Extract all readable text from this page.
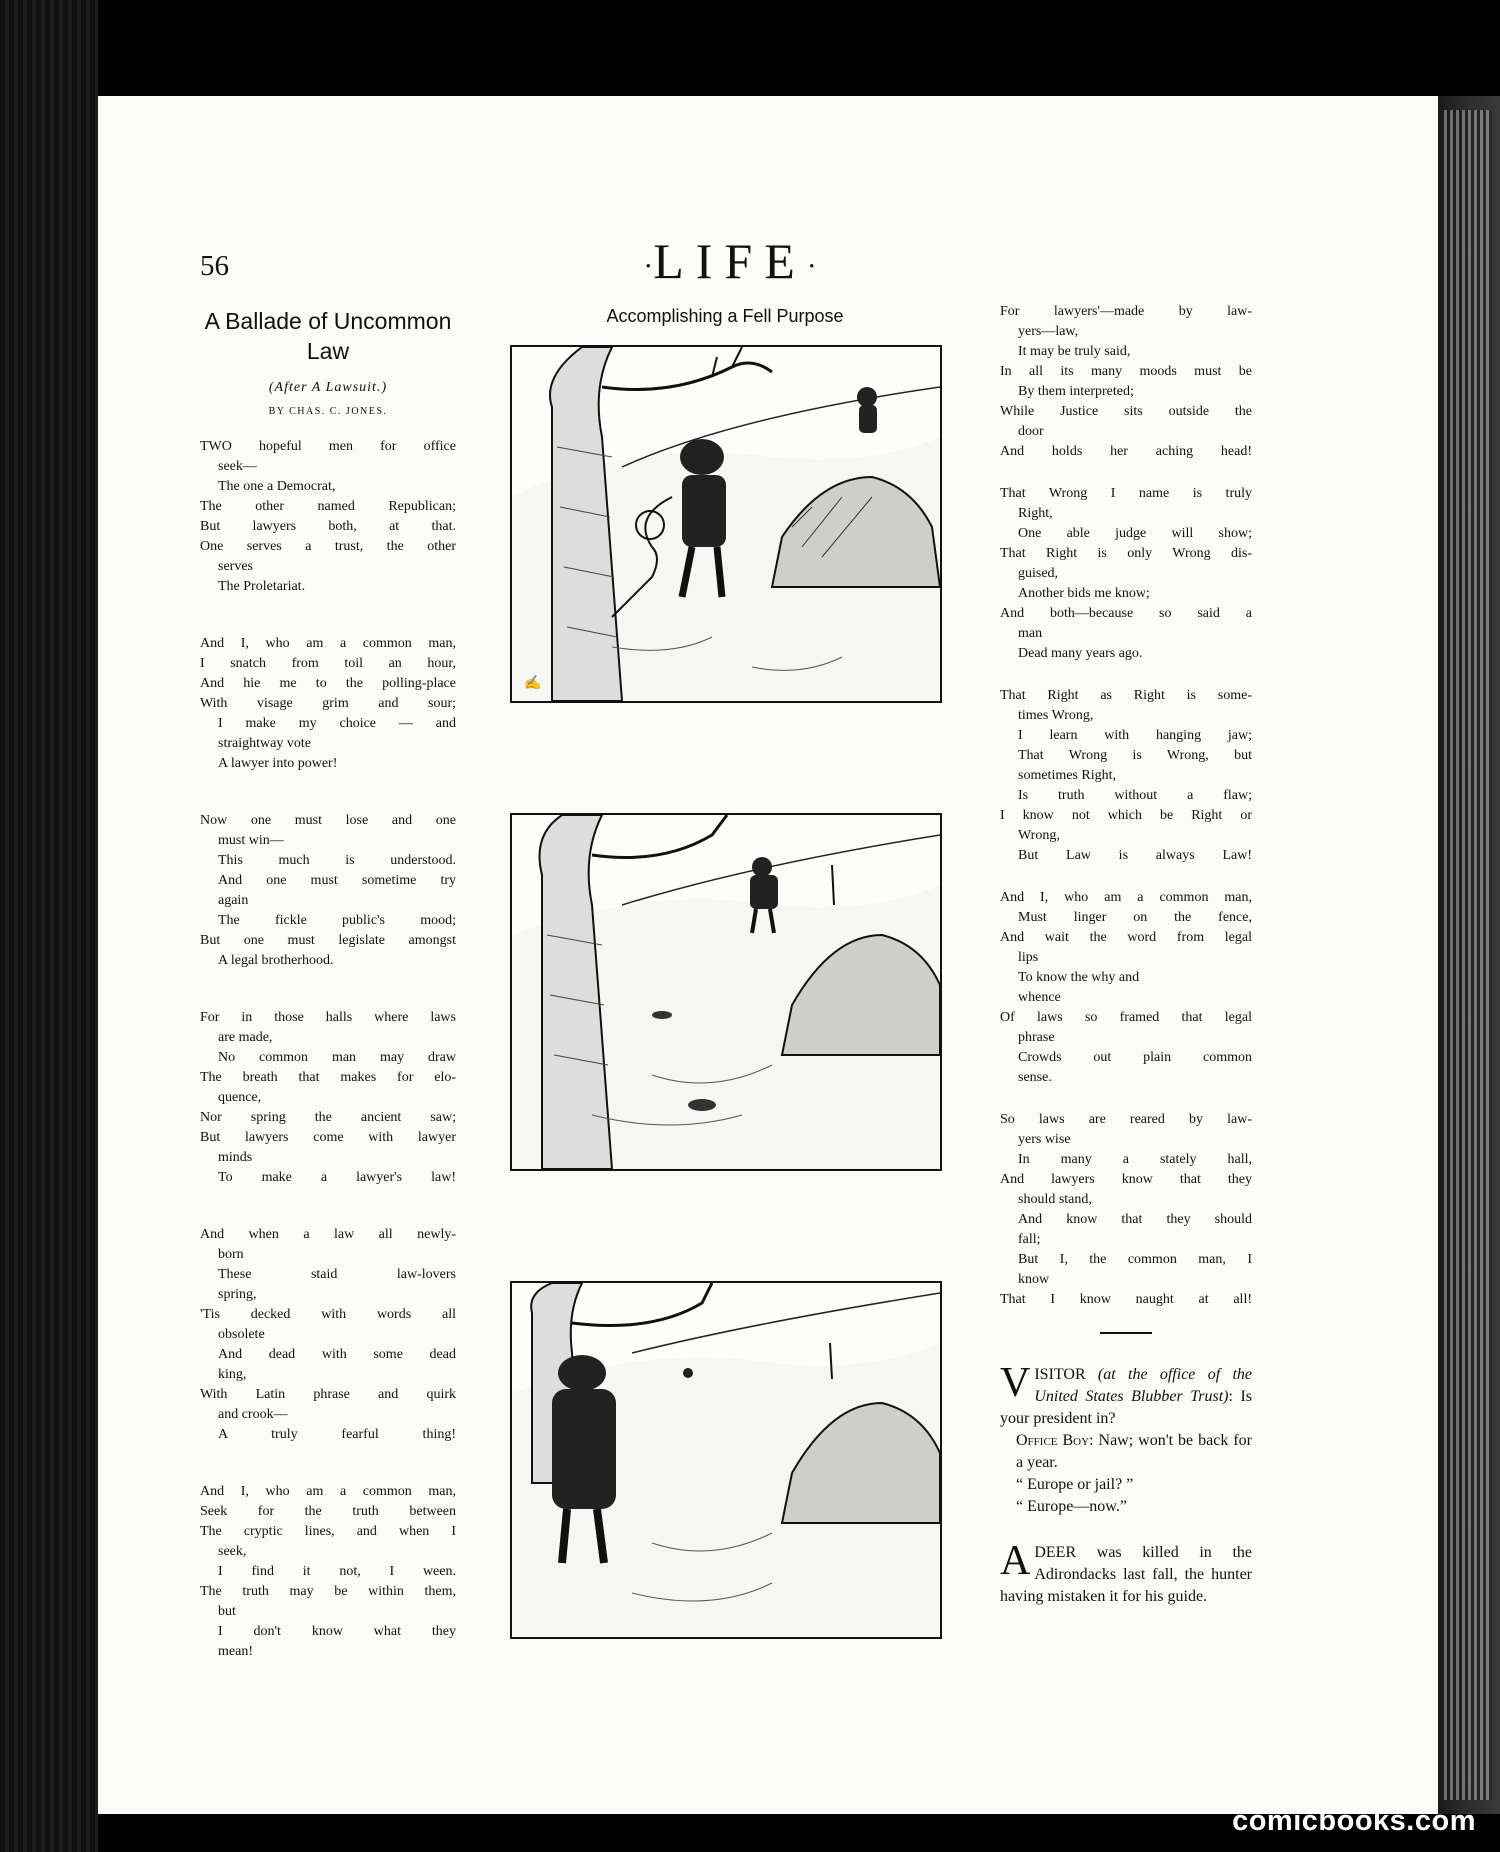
56	·LIFE·
A Ballade of Uncommon Law
(After A Lawsuit.)
BY CHAS. C. JONES.
TWO hopeful men for office
seek—
The one a Democrat,
The other named Republican;
But lawyers both, at that.
One serves a trust, the other
serves
The Proletariat.
And I, who am a common man,
I snatch from toil an hour,
And hie me to the polling-place
With visage grim and sour;
I make my choice — and
straightway vote
A lawyer into power!
Now one must lose and one
must win—
This much is understood.
And one must sometime try
again
The fickle public's mood;
But one must legislate amongst
A legal brotherhood.
For in those halls where laws
are made,
No common man may draw
The breath that makes for elo-
quence,
Nor spring the ancient saw;
But lawyers come with lawyer
minds
To make a lawyer's law!
And when a law all newly-
born
These staid law-lovers
spring,
'Tis decked with words all
obsolete
And dead with some dead
king,
With Latin phrase and quirk
and crook—
A truly fearful thing!
And I, who am a common man,
Seek for the truth between
The cryptic lines, and when I
seek,
I find it not, I ween.
The truth may be within them,
but
I don't know what they
mean!
Accomplishing a Fell Purpose
✍
For lawyers'—made by law-
yers—law,
It may be truly said,
In all its many moods must be
By them interpreted;
While Justice sits outside the
door
And holds her aching head!
That Wrong I name is truly
Right,
One able judge will show;
That Right is only Wrong dis-
guised,
Another bids me know;
And both—because so said a
man
Dead many years ago.
That Right as Right is some-
times Wrong,
I learn with hanging jaw;
That Wrong is Wrong, but
sometimes Right,
Is truth without a flaw;
I know not which be Right or
Wrong,
But Law is always Law!
And I, who am a common man,
Must linger on the fence,
And wait the word from legal
lips
To know the why and
whence
Of laws so framed that legal
phrase
Crowds out plain common
sense.
So laws are reared by law-
yers wise
In many a stately hall,
And lawyers know that they
should stand,
And know that they should
fall;
But I, the common man, I
know
That I know naught at all!
VISITOR (at the office of the United States Blubber Trust): Is your president in?
Office Boy: Naw; won't be back for a year.
“ Europe or jail? ”
“ Europe—now.”
ADEER was killed in the Adirondacks last fall, the hunter having mistaken it for his guide.
comicbooks.com
